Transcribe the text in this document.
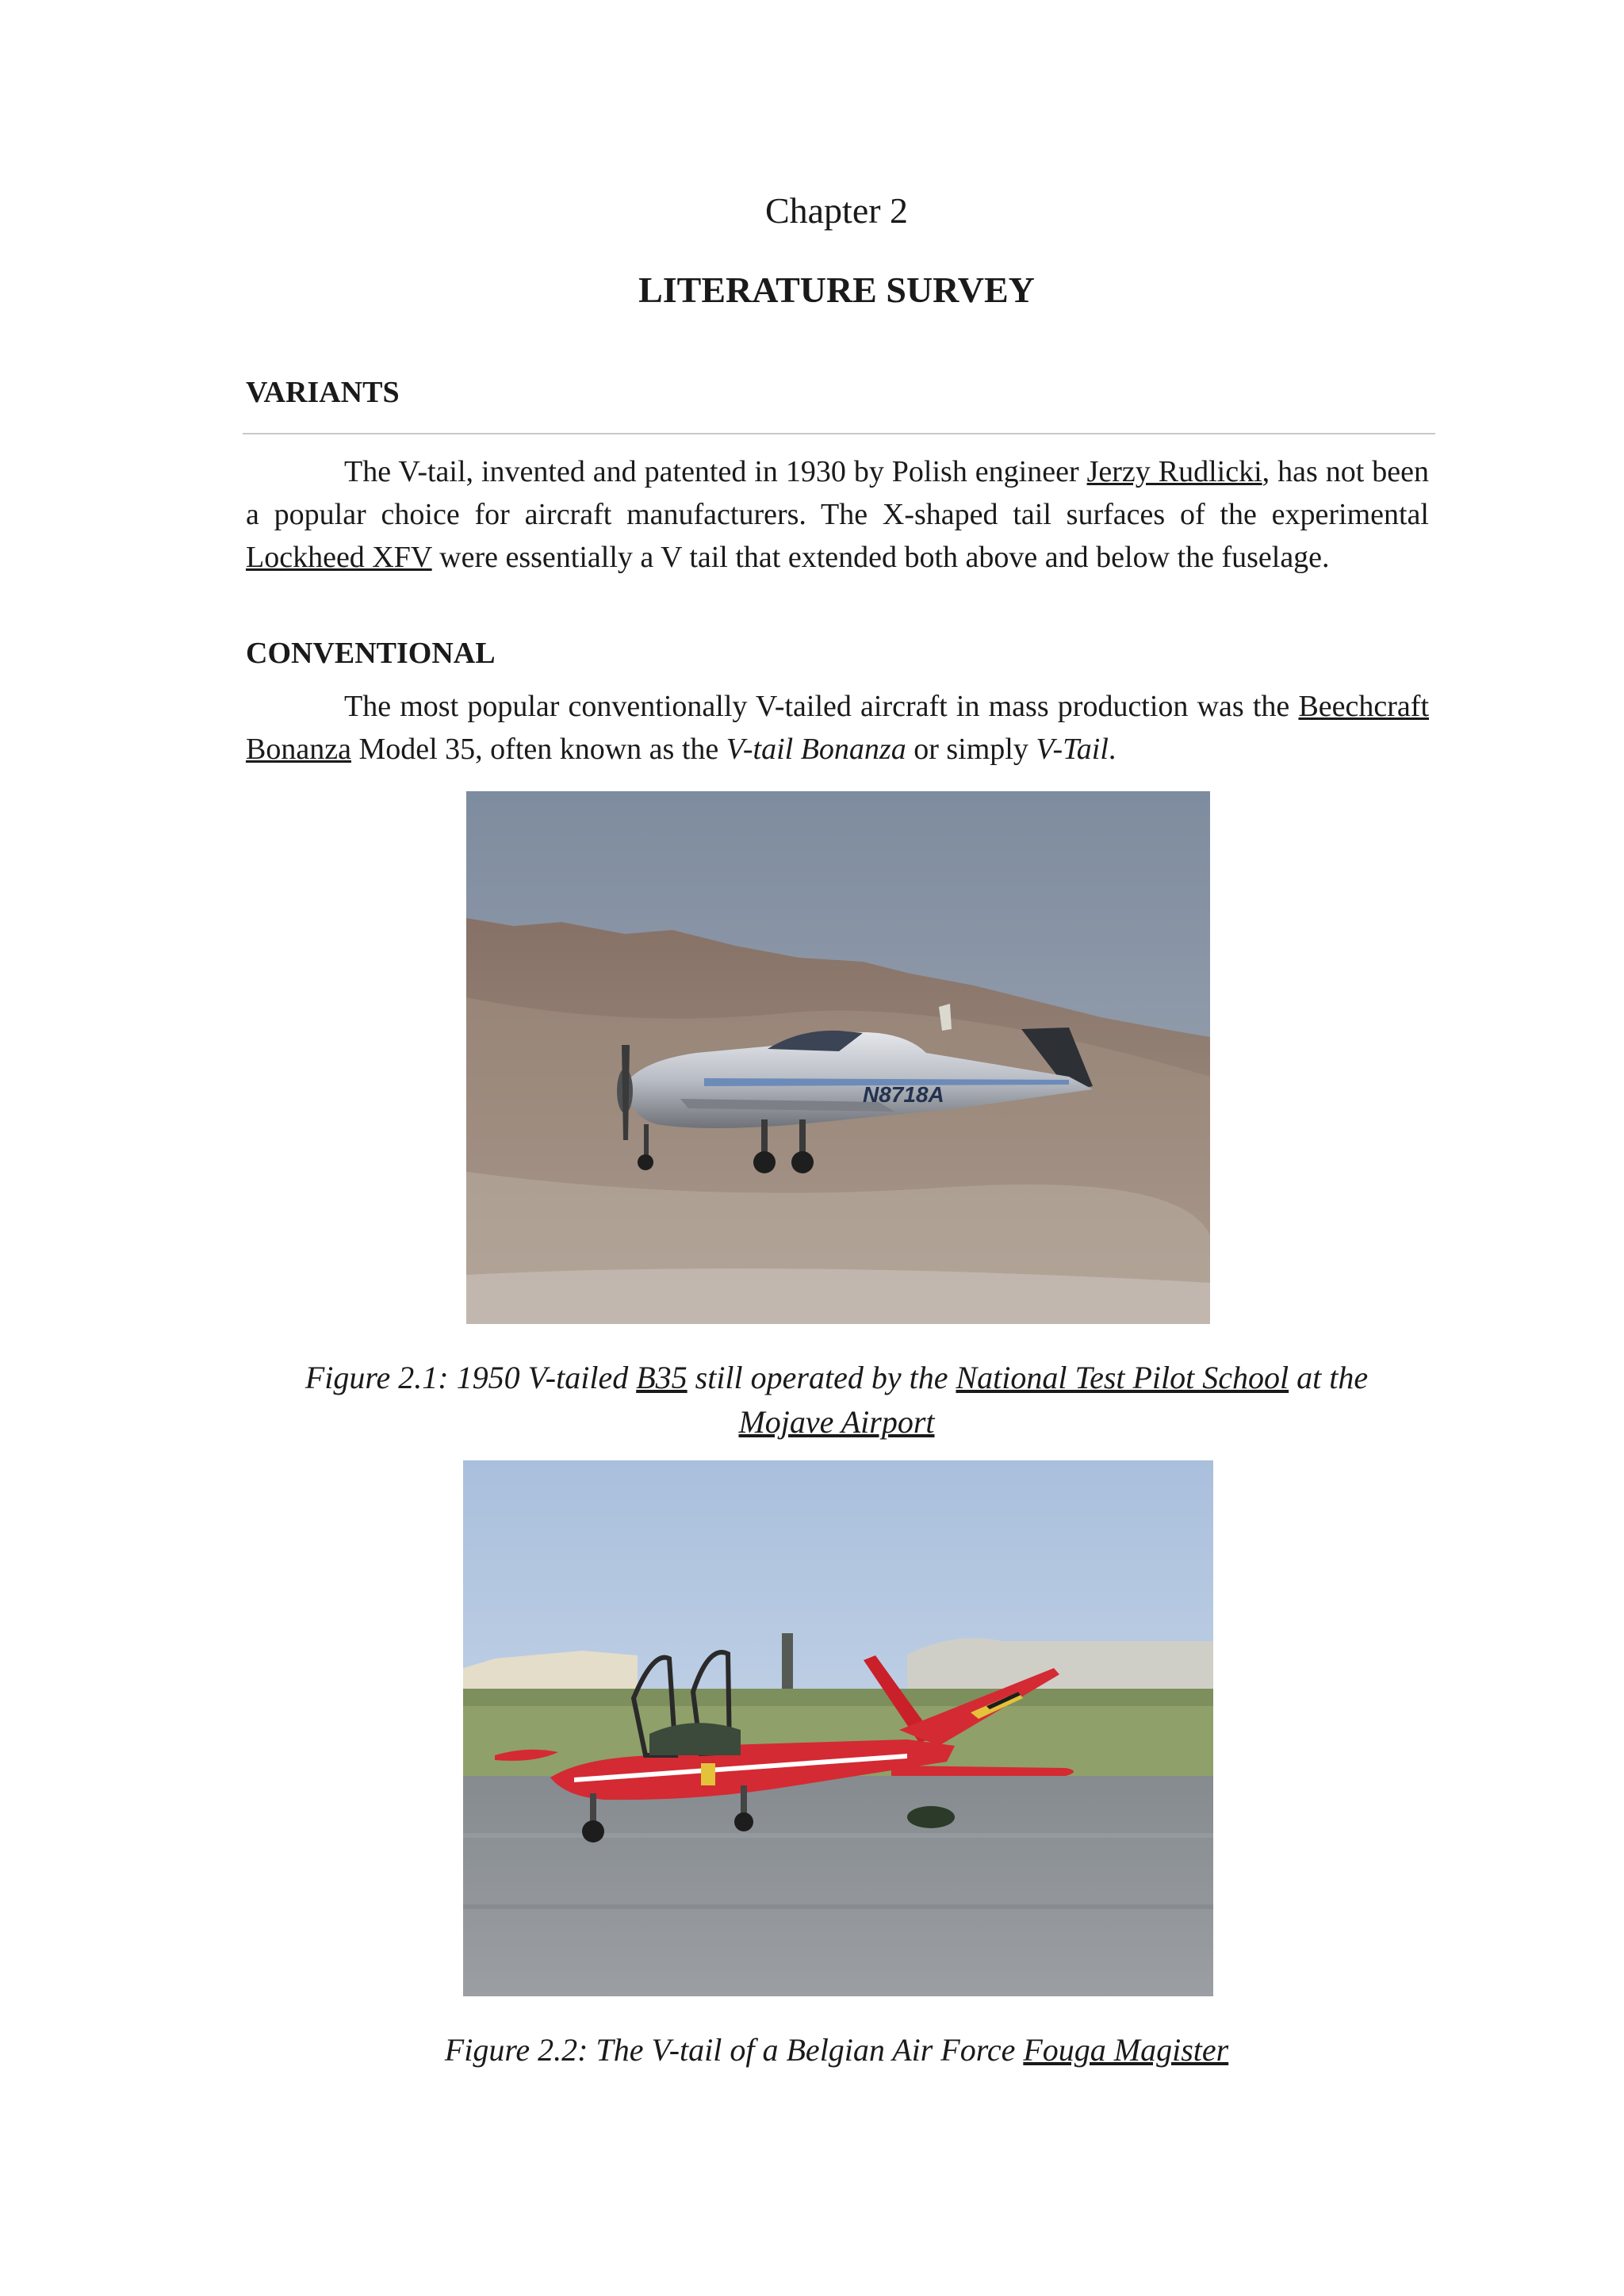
Chapter 2
LITERATURE SURVEY
VARIANTS
The V-tail, invented and patented in 1930 by Polish engineer Jerzy Rudlicki, has not been a popular choice for aircraft manufacturers. The X-shaped tail surfaces of the experimental Lockheed XFV were essentially a V tail that extended both above and below the fuselage.
CONVENTIONAL
The most popular conventionally V-tailed aircraft in mass production was the Beechcraft Bonanza Model 35, often known as the V-tail Bonanza or simply V-Tail.
N8718A
Figure 2.1: 1950 V-tailed B35 still operated by the National Test Pilot School at the Mojave Airport
Figure 2.2: The V-tail of a Belgian Air Force Fouga Magister
